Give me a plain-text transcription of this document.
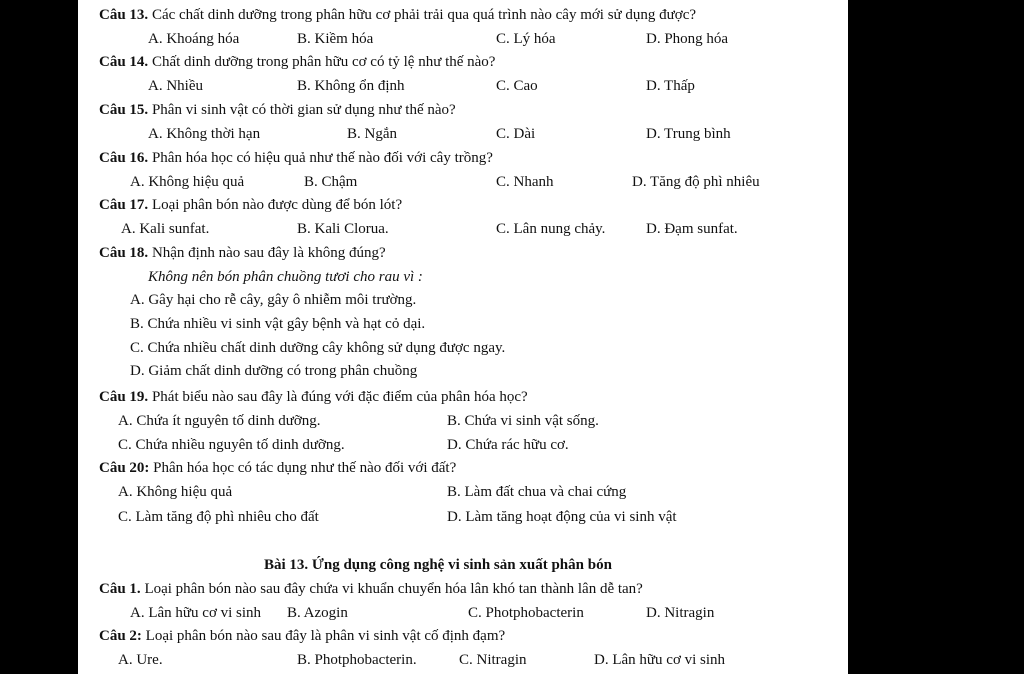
Câu 13. Các chất dinh dưỡng trong phân hữu cơ phải trải qua quá trình nào cây mới sử dụng được?
A. Khoáng hóa	B. Kiềm hóa	C. Lý hóa	D. Phong hóa
Câu 14. Chất dinh dưỡng trong phân hữu cơ có tỷ lệ như thế nào?
A. Nhiều	B. Không ổn định	C. Cao	D. Thấp
Câu 15. Phân vi sinh vật có thời gian sử dụng như thế nào?
A. Không thời hạn	B. Ngắn	C. Dài	D. Trung bình
Câu 16. Phân hóa học có hiệu quả như thế nào đối với cây trồng?
A. Không hiệu quả	B. Chậm	C. Nhanh	D. Tăng độ phì nhiêu
Câu 17. Loại phân bón nào được dùng để bón lót?
A. Kali sunfat.	B. Kali Clorua.	C. Lân nung chảy.	D. Đạm sunfat.
Câu 18. Nhận định nào sau đây là không đúng?
Không nên bón phân chuồng tươi cho rau vì :
A. Gây hại cho rễ cây, gây ô nhiễm môi trường.
B. Chứa nhiều vi sinh vật gây bệnh và hạt cỏ dại.
C. Chứa nhiều chất dinh dưỡng cây không sử dụng được ngay.
D. Giảm chất dinh dưỡng có trong phân chuồng
Câu 19. Phát biểu nào sau đây là đúng với đặc điểm của phân hóa học?
A. Chứa ít nguyên tố dinh dưỡng.	B. Chứa vi sinh vật sống.
C. Chứa nhiều nguyên tố dinh dưỡng.	D. Chứa rác hữu cơ.
Câu 20: Phân hóa học có tác dụng như thế nào đối với đất?
A. Không hiệu quả	B. Làm đất chua và chai cứng
C. Làm tăng độ phì nhiêu cho đất	D. Làm tăng hoạt động của vi sinh vật
Bài 13. Ứng dụng công nghệ vi sinh sản xuất phân bón
Câu 1. Loại phân bón nào sau đây chứa vi khuẩn chuyển hóa lân khó tan thành lân dễ tan?
A. Lân hữu cơ vi sinh B. Azogin	C. Photphobacterin	D. Nitragin
Câu 2: Loại phân bón nào sau đây là phân vi sinh vật cố định đạm?
A. Ure.	B. Photphobacterin.	C. Nitragin	D. Lân hữu cơ vi sinh
